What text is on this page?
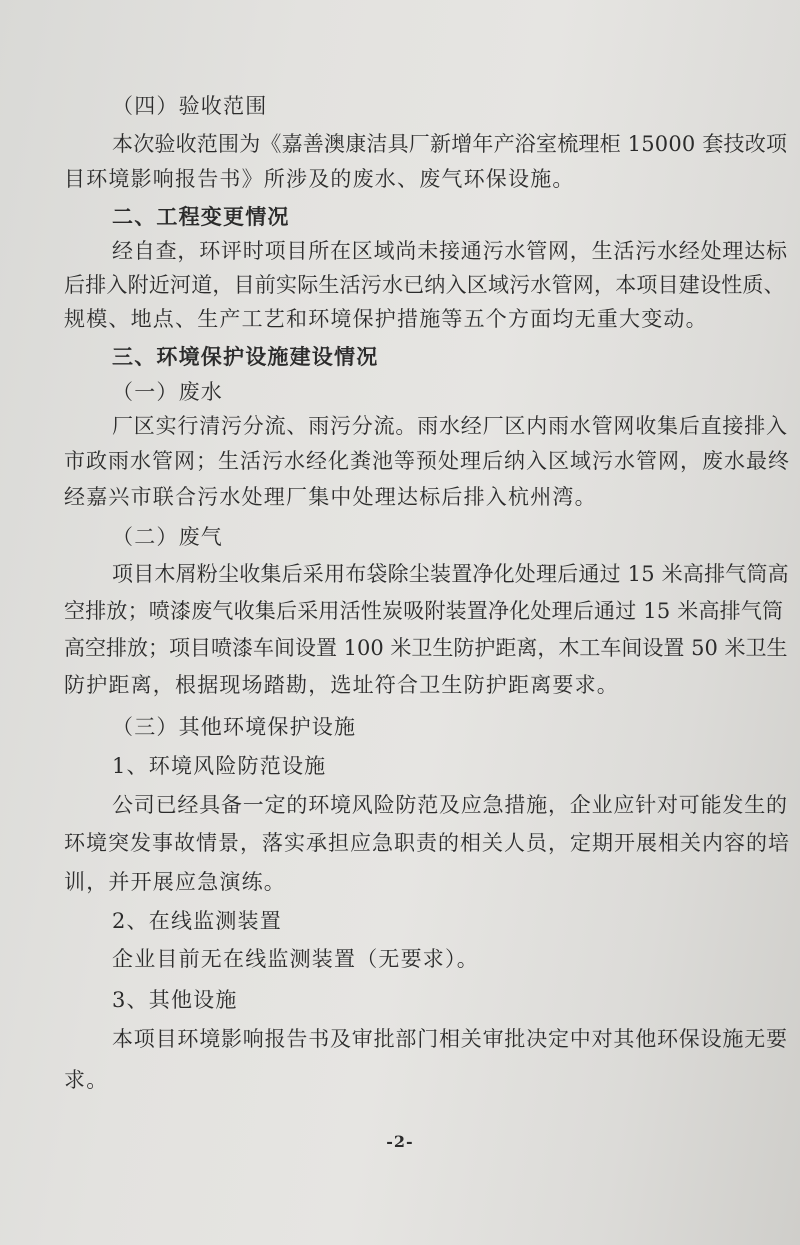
（四）验收范围
本次验收范围为《嘉善澳康洁具厂新增年产浴室梳理柜 15000 套技改项
目环境影响报告书》所涉及的废水、废气环保设施。
二、工程变更情况
经自查，环评时项目所在区域尚未接通污水管网，生活污水经处理达标
后排入附近河道，目前实际生活污水已纳入区域污水管网，本项目建设性质、
规模、地点、生产工艺和环境保护措施等五个方面均无重大变动。
三、环境保护设施建设情况
（一）废水
厂区实行清污分流、雨污分流。雨水经厂区内雨水管网收集后直接排入
市政雨水管网；生活污水经化粪池等预处理后纳入区域污水管网，废水最终
经嘉兴市联合污水处理厂集中处理达标后排入杭州湾。
（二）废气
项目木屑粉尘收集后采用布袋除尘装置净化处理后通过 15 米高排气筒高
空排放；喷漆废气收集后采用活性炭吸附装置净化处理后通过 15 米高排气筒
高空排放；项目喷漆车间设置 100 米卫生防护距离，木工车间设置 50 米卫生
防护距离，根据现场踏勘，选址符合卫生防护距离要求。
（三）其他环境保护设施
1、环境风险防范设施
公司已经具备一定的环境风险防范及应急措施，企业应针对可能发生的
环境突发事故情景，落实承担应急职责的相关人员，定期开展相关内容的培
训，并开展应急演练。
2、在线监测装置
企业目前无在线监测装置（无要求）。
3、其他设施
本项目环境影响报告书及审批部门相关审批决定中对其他环保设施无要
求。
-2-
